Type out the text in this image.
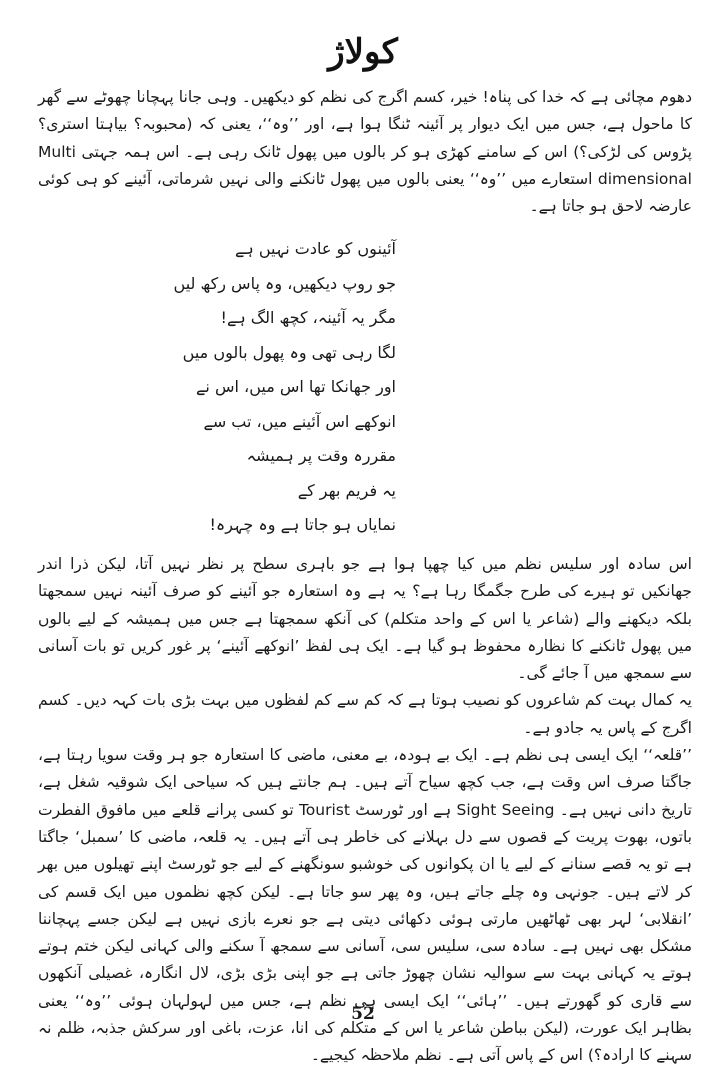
کولاژ

دھوم مچائی ہے کہ خدا کی پناہ! خیر، کسم اگرج کی نظم کو دیکھیں۔ وہی جانا پہچانا چھوٹے سے گھر کا ماحول ہے، جس میں ایک دیوار پر آئینہ ٹنگا ہوا ہے، اور ’’وہ‘‘، یعنی کہ (محبوبہ؟ بیاہتا استری؟ پڑوس کی لڑکی؟) اس کے سامنے کھڑی ہو کر بالوں میں پھول ٹانک رہی ہے۔ اس ہمہ جہتی Multi dimensional استعارے میں ’’وہ‘‘ یعنی بالوں میں پھول ٹانکنے والی نہیں شرماتی، آئینے کو ہی کوئی عارضہ لاحق ہو جاتا ہے۔

آئینوں کو عادت نہیں ہے
جو روپ دیکھیں، وہ پاس رکھ لیں
مگر یہ آئینہ، کچھ الگ ہے!
لگا رہی تھی وہ پھول بالوں میں
اور جھانکا تھا اس میں، اس نے
انوکھے اس آئینے میں، تب سے
مقررہ وقت پر ہمیشہ
یہ فریم بھر کے
نمایاں ہو جاتا ہے وہ چہرہ!

اس سادہ اور سلیس نظم میں کیا چھپا ہوا ہے جو باہری سطح پر نظر نہیں آتا، لیکن ذرا اندر جھانکیں تو ہیرے کی طرح جگمگا رہا ہے؟ یہ ہے وہ استعارہ جو آئینے کو صرف آئینہ نہیں سمجھتا بلکہ دیکھنے والے (شاعر یا اس کے واحد متکلم) کی آنکھ سمجھتا ہے جس میں ہمیشہ کے لیے بالوں میں پھول ٹانکنے کا نظارہ محفوظ ہو گیا ہے۔ ایک ہی لفظ ’انوکھے آئینے‘ پر غور کریں تو بات آسانی سے سمجھ میں آ جائے گی۔

یہ کمال بہت کم شاعروں کو نصیب ہوتا ہے کہ کم سے کم لفظوں میں بہت بڑی بات کہہ دیں۔ کسم اگرج کے پاس یہ جادو ہے۔

’’قلعہ‘‘ ایک ایسی ہی نظم ہے۔ ایک بے ہودہ، بے معنی، ماضی کا استعارہ جو ہر وقت سویا رہتا ہے، جاگتا صرف اس وقت ہے، جب کچھ سیاح آتے ہیں۔ ہم جانتے ہیں کہ سیاحی ایک شوقیہ شغل ہے، تاریخ دانی نہیں ہے۔ Sight Seeing ہے اور ٹورسٹ Tourist تو کسی پرانے قلعے میں مافوق الفطرت باتوں، بھوت پریت کے قصوں سے دل بہلانے کی خاطر ہی آتے ہیں۔ یہ قلعہ، ماضی کا ’سمبل‘ جاگتا ہے تو یہ قصے سنانے کے لیے یا ان پکوانوں کی خوشبو سونگھنے کے لیے جو ٹورسٹ اپنے تھیلوں میں بھر کر لاتے ہیں۔ جونہی وہ چلے جاتے ہیں، وہ پھر سو جاتا ہے۔ لیکن کچھ نظموں میں ایک قسم کی ’انقلابی‘ لہر بھی ٹھاٹھیں مارتی ہوئی دکھائی دیتی ہے جو نعرے بازی نہیں ہے لیکن جسے پہچاننا مشکل بھی نہیں ہے۔ سادہ سی، سلیس سی، آسانی سے سمجھ آ سکنے والی کہانی لیکن ختم ہوتے ہوتے یہ کہانی بہت سے سوالیہ نشان چھوڑ جاتی ہے جو اپنی بڑی بڑی، لال انگارہ، غصیلی آنکھوں سے قاری کو گھورتے ہیں۔ ’’ہائی‘‘ ایک ایسی ہی نظم ہے، جس میں لہولہان ہوئی ’’وہ‘‘ یعنی بظاہر ایک عورت، (لیکن بباطن شاعر یا اس کے متکلم کی انا، عزت، باغی اور سرکش جذبہ، ظلم نہ سہنے کا ارادہ؟) اس کے پاس آتی ہے۔ نظم ملاحظہ کیجیے۔

52
